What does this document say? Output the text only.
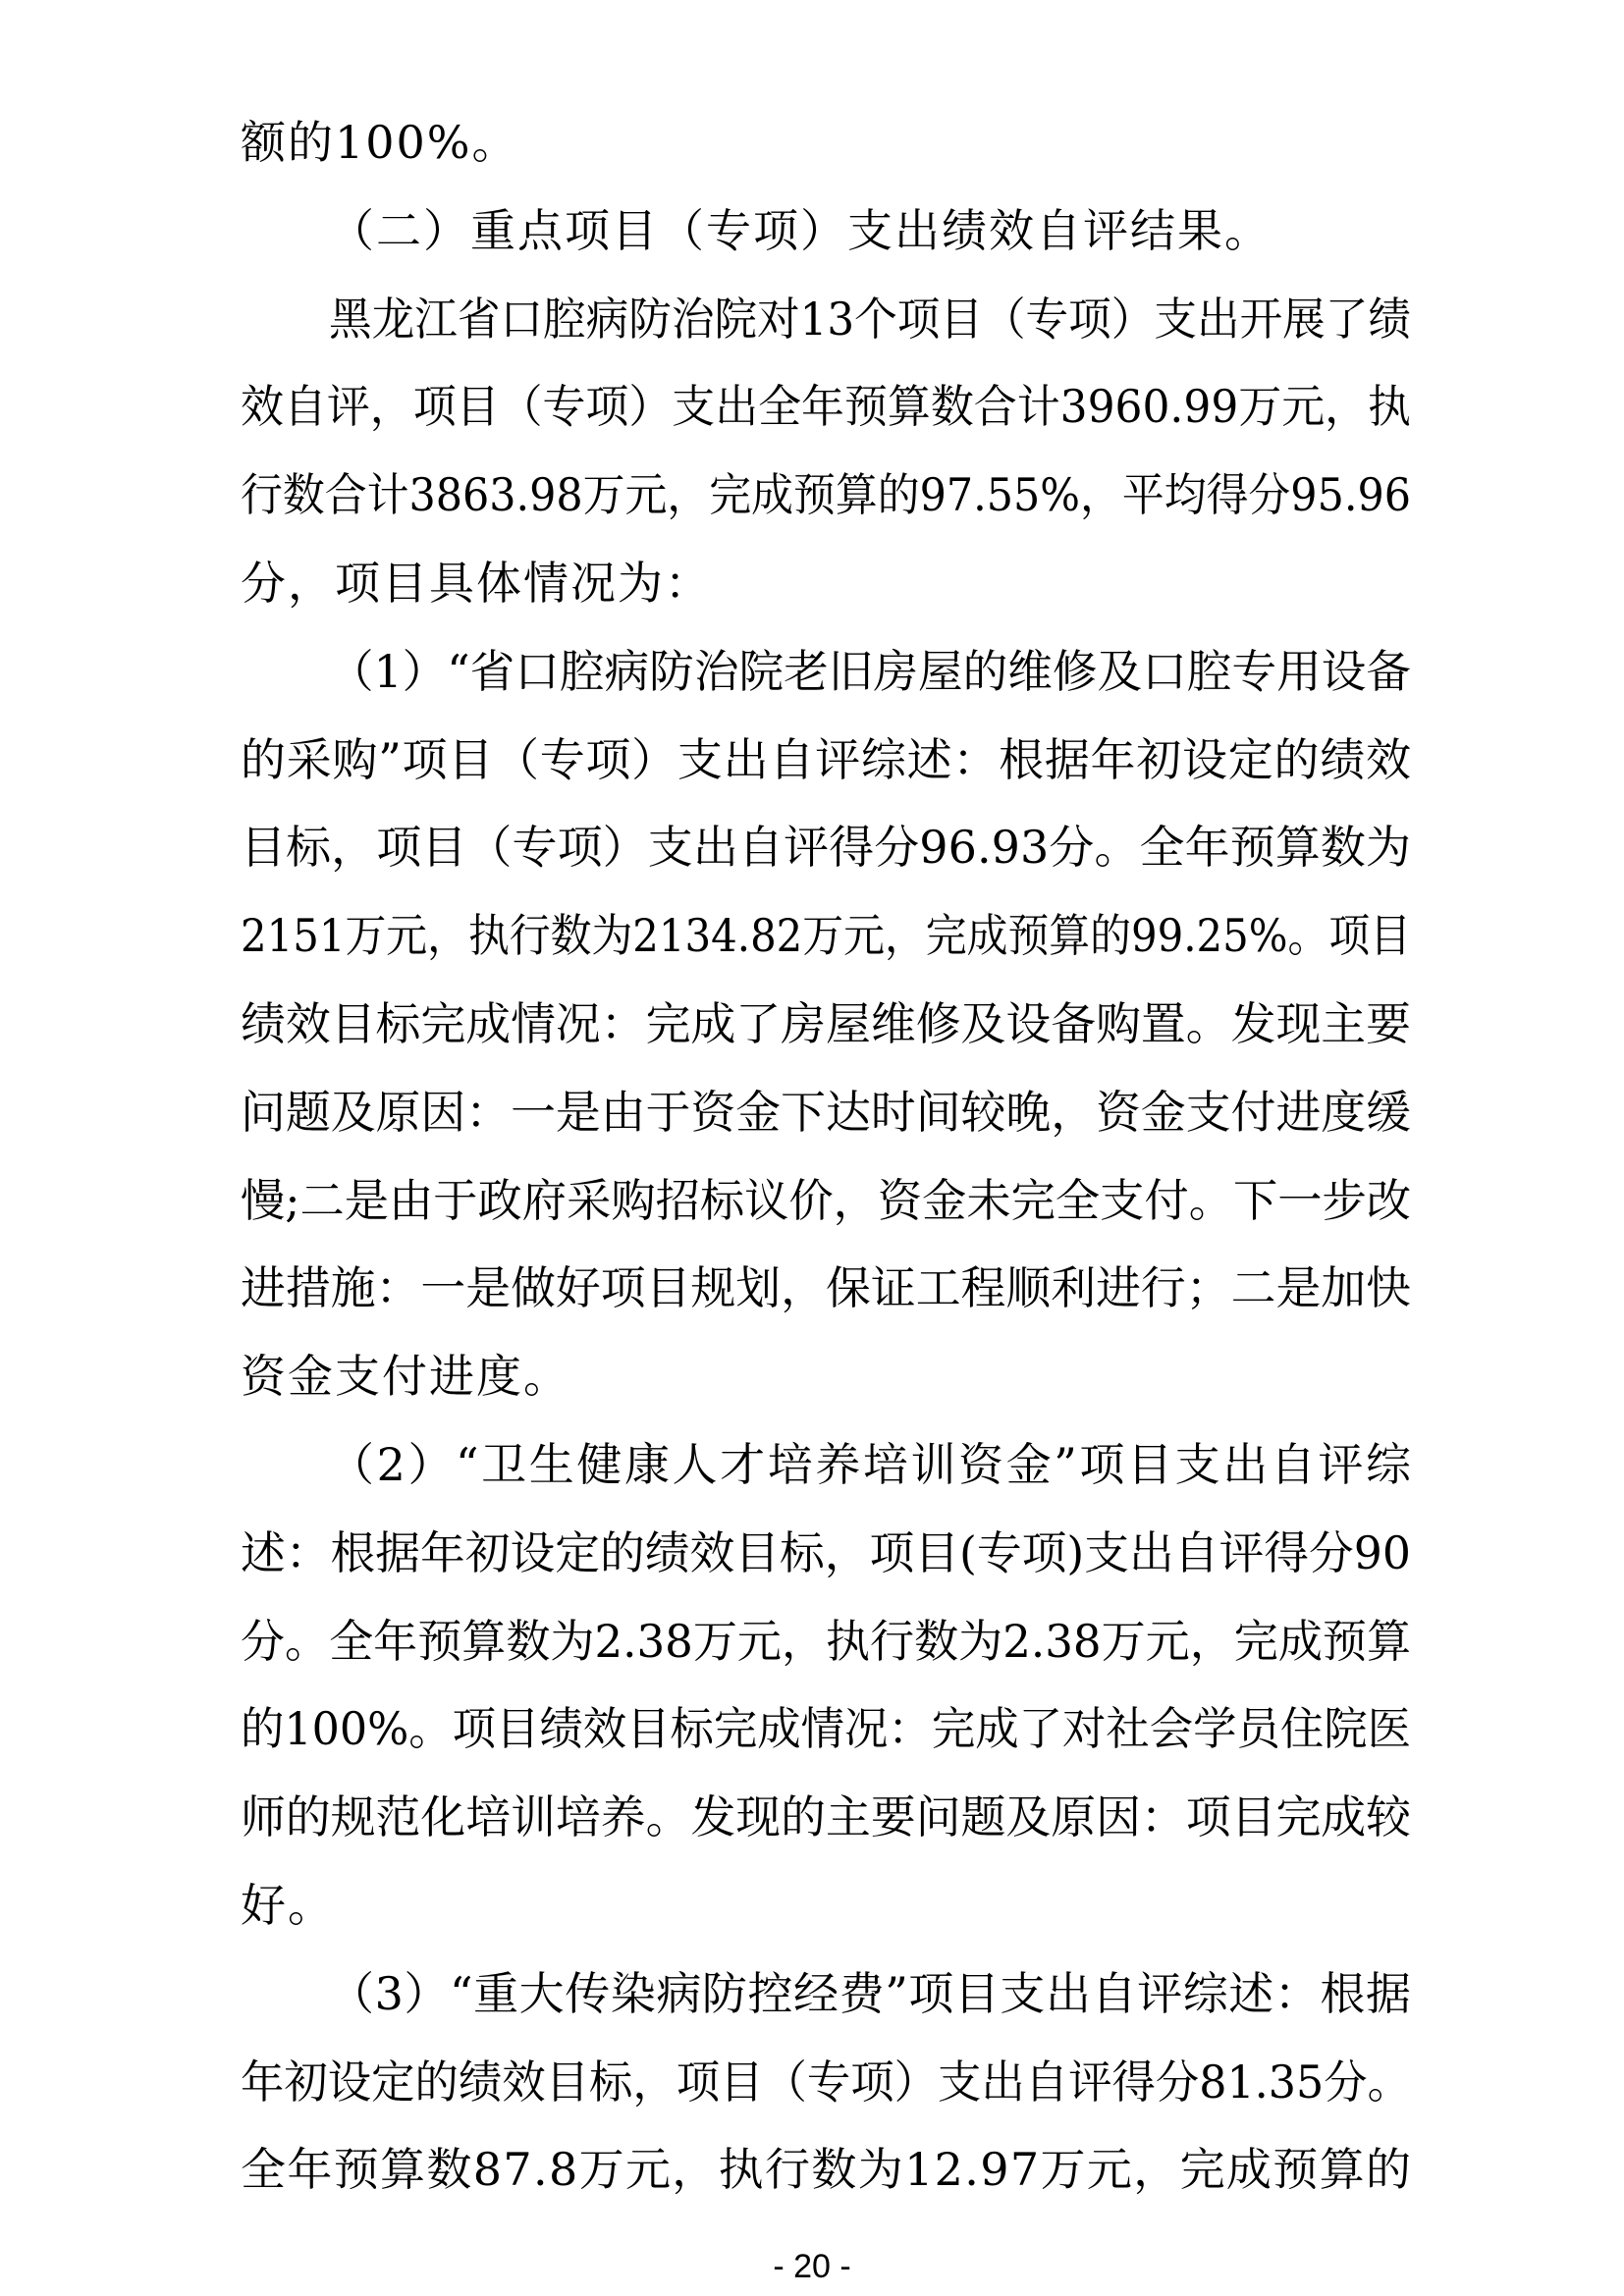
额的100%。
（二）重点项目（专项）支出绩效自评结果。
黑龙江省口腔病防治院对13个项目（专项）支出开展了绩
效自评，项目（专项）支出全年预算数合计3960.99万元，执
行数合计3863.98万元，完成预算的97.55%，平均得分95.96
分，项目具体情况为：
（1）“省口腔病防治院老旧房屋的维修及口腔专用设备
的采购”项目（专项）支出自评综述：根据年初设定的绩效
目标，项目（专项）支出自评得分96.93分。全年预算数为
2151万元，执行数为2134.82万元，完成预算的99.25%。项目
绩效目标完成情况：完成了房屋维修及设备购置。发现主要
问题及原因：一是由于资金下达时间较晚，资金支付进度缓
慢;二是由于政府采购招标议价，资金未完全支付。下一步改
进措施：一是做好项目规划，保证工程顺利进行；二是加快
资金支付进度。
（2）“卫生健康人才培养培训资金”项目支出自评综
述：根据年初设定的绩效目标，项目(专项)支出自评得分90
分。全年预算数为2.38万元，执行数为2.38万元，完成预算
的100%。项目绩效目标完成情况：完成了对社会学员住院医
师的规范化培训培养。发现的主要问题及原因：项目完成较
好。
（3）“重大传染病防控经费”项目支出自评综述：根据
年初设定的绩效目标，项目（专项）支出自评得分81.35分。
全年预算数87.8万元，执行数为12.97万元，完成预算的
- 20 -
